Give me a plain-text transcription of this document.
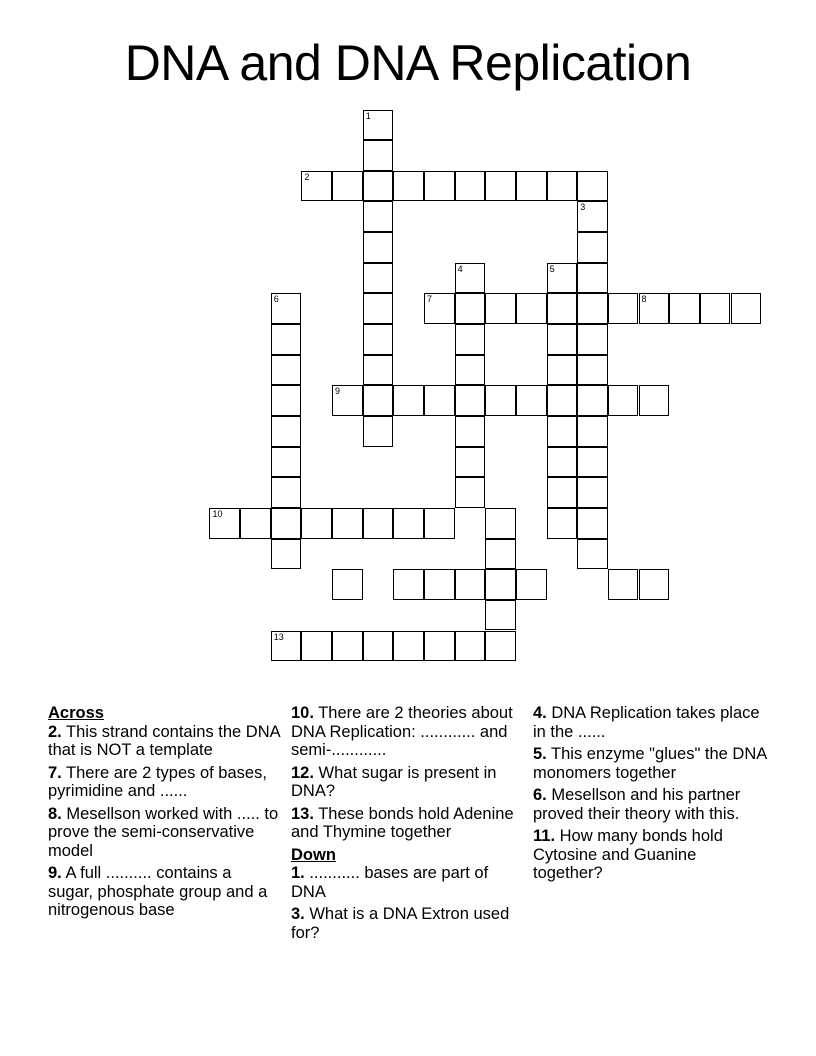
DNA and DNA Replication
1
2
3
4	5
7	8
6
9
10
13
Across
2. This strand contains the DNA that is NOT a template
7. There are 2 types of bases, pyrimidine and ......
8. Mesellson worked with ..... to prove the semi-conservative model
9. A full .......... contains a sugar, phosphate group and a nitrogenous base
10. There are 2 theories about DNA Replication: ............ and semi-............
12. What sugar is present in DNA?
13. These bonds hold Adenine and Thymine together
Down
1. ........... bases are part of DNA
3. What is a DNA Extron used for?
4. DNA Replication takes place in the ......
5. This enzyme "glues" the DNA monomers together
6. Mesellson and his partner proved their theory with this.
11. How many bonds hold Cytosine and Guanine together?
